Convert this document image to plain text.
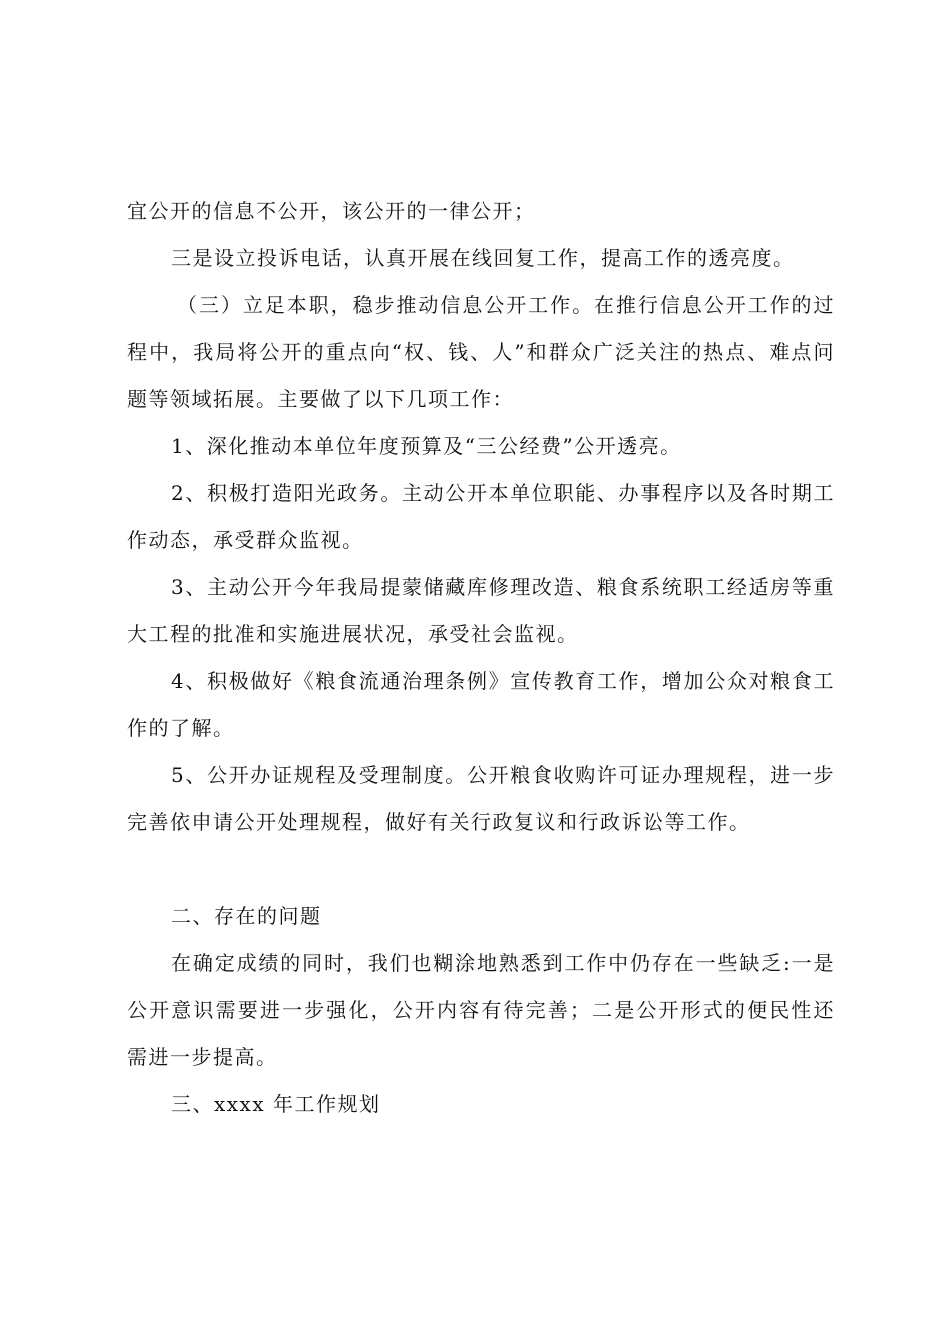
宜公开的信息不公开，该公开的一律公开；

三是设立投诉电话，认真开展在线回复工作，提高工作的透亮度。

（三）立足本职，稳步推动信息公开工作。在推行信息公开工作的过程中，我局将公开的重点向“权、钱、人”和群众广泛关注的热点、难点问题等领域拓展。主要做了以下几项工作：

1、深化推动本单位年度预算及“三公经费”公开透亮。

2、积极打造阳光政务。主动公开本单位职能、办事程序以及各时期工作动态，承受群众监视。

3、主动公开今年我局提蒙储藏库修理改造、粮食系统职工经适房等重大工程的批准和实施进展状况，承受社会监视。

4、积极做好《粮食流通治理条例》宣传教育工作，增加公众对粮食工作的了解。

5、公开办证规程及受理制度。公开粮食收购许可证办理规程，进一步完善依申请公开处理规程，做好有关行政复议和行政诉讼等工作。

二、存在的问题

在确定成绩的同时，我们也糊涂地熟悉到工作中仍存在一些缺乏:一是公开意识需要进一步强化，公开内容有待完善；二是公开形式的便民性还需进一步提高。

三、xxxx 年工作规划
